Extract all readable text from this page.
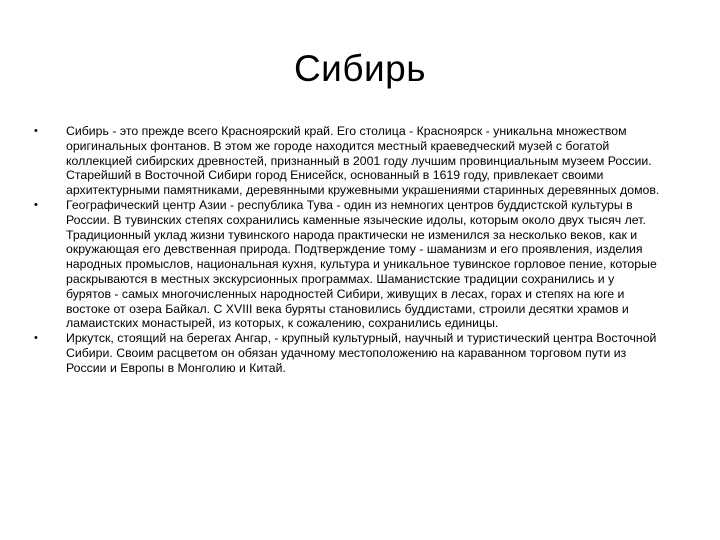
Сибирь
• Сибирь - это прежде всего Красноярский край. Его столица - Красноярск - уникальна множеством оригинальных фонтанов. В этом же городе находится местный краеведческий музей с богатой коллекцией сибирских древностей, признанный в 2001 году лучшим провинциальным музеем России. Старейший в Восточной Сибири город Енисейск, основанный в 1619 году, привлекает своими архитектурными памятниками, деревянными кружевными украшениями старинных деревянных домов.
• Географический центр Азии - республика Тува - один из немногих центров буддистской культуры в России. В тувинских степях сохранились каменные языческие идолы, которым около двух тысяч лет. Традиционный уклад жизни тувинского народа практически не изменился за несколько веков, как и окружающая его девственная природа. Подтверждение тому - шаманизм и его проявления, изделия народных промыслов, национальная кухня, культура и уникальное тувинское горловое пение, которые раскрываются в местных экскурсионных программах. Шаманистские традиции сохранились и у бурятов - самых многочисленных народностей Сибири, живущих в лесах, горах и степях на юге и востоке от озера Байкал. С XVIII века буряты становились буддистами, строили десятки храмов и ламаистских монастырей, из которых, к сожалению, сохранились единицы.
• Иркутск, стоящий на берегах Ангар, - крупный культурный, научный и туристический центра Восточной Сибири. Своим расцветом он обязан удачному местоположению на караванном торговом пути из России и Европы в Монголию и Китай.
